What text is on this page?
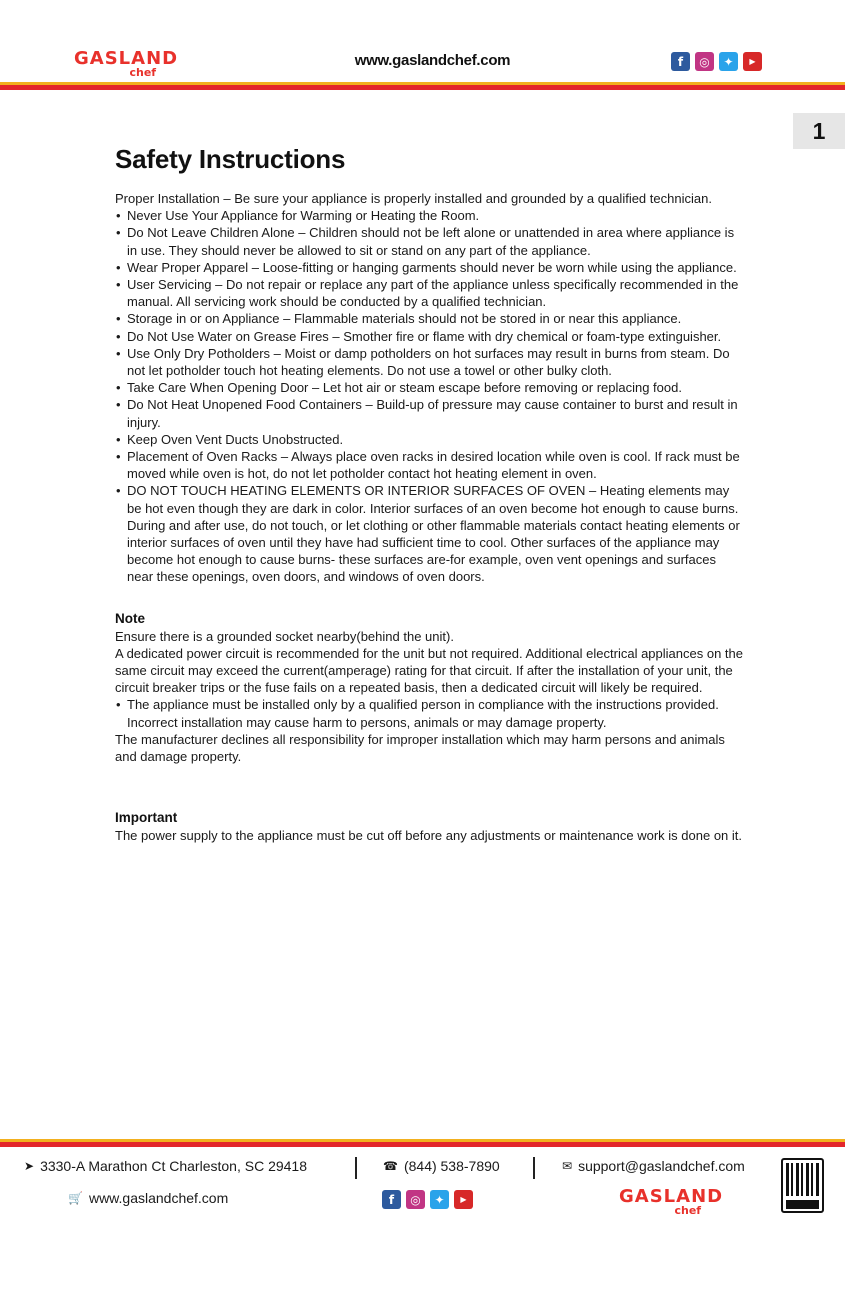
GASLAND
chef
www.gaslandchef.com	f	◎	✦	▶
1
Safety Instructions

Proper Installation – Be sure your appliance is properly installed and grounded by a qualified technician.

• Never Use Your Appliance for Warming or Heating the Room.
• Do Not Leave Children Alone – Children should not be left alone or unattended in area where appliance is in use. They should never be allowed to sit or stand on any part of the appliance.
• Wear Proper Apparel – Loose-fitting or hanging garments should never be worn while using the appliance.
• User Servicing – Do not repair or replace any part of the appliance unless specifically recommended in the manual. All servicing work should be conducted by a qualified technician.
• Storage in or on Appliance – Flammable materials should not be stored in or near this appliance.
• Do Not Use Water on Grease Fires – Smother fire or flame with dry chemical or foam-type extinguisher.
• Use Only Dry Potholders – Moist or damp potholders on hot surfaces may result in burns from steam. Do not let potholder touch hot heating elements. Do not use a towel or other bulky cloth.
• Take Care When Opening Door – Let hot air or steam escape before removing or replacing food.
• Do Not Heat Unopened Food Containers – Build-up of pressure may cause container to burst and result in injury.
• Keep Oven Vent Ducts Unobstructed.
• Placement of Oven Racks – Always place oven racks in desired location while oven is cool. If rack must be moved while oven is hot, do not let potholder contact hot heating element in oven.
• DO NOT TOUCH HEATING ELEMENTS OR INTERIOR SURFACES OF OVEN – Heating elements may be hot even though they are dark in color. Interior surfaces of an oven become hot enough to cause burns. During and after use, do not touch, or let clothing or other flammable materials contact heating elements or interior surfaces of oven until they have had sufficient time to cool. Other surfaces of the appliance may become hot enough to cause burns- these surfaces are-for example, oven vent openings and surfaces near these openings, oven doors, and windows of oven doors.
Note

Ensure there is a grounded socket nearby(behind the unit).

A dedicated power circuit is recommended for the unit but not required. Additional electrical appliances on the same circuit may exceed the current(amperage) rating for that circuit. If after the installation of your unit, the circuit breaker trips or the fuse fails on a repeated basis, then a dedicated circuit will likely be required.

• The appliance must be installed only by a qualified person in compliance with the instructions provided. Incorrect installation may cause harm to persons, animals or may damage property.

The manufacturer declines all responsibility for improper installation which may harm persons and animals and damage property.

Important

The power supply to the appliance must be cut off before any adjustments or maintenance work is done on it.

➤ 3330-A Marathon Ct Charleston, SC 29418	☎ (844) 538-7890	✉ support@gaslandchef.com
🛒 www.gaslandchef.com	f	◎	✦	▶	GASLAND
chef
